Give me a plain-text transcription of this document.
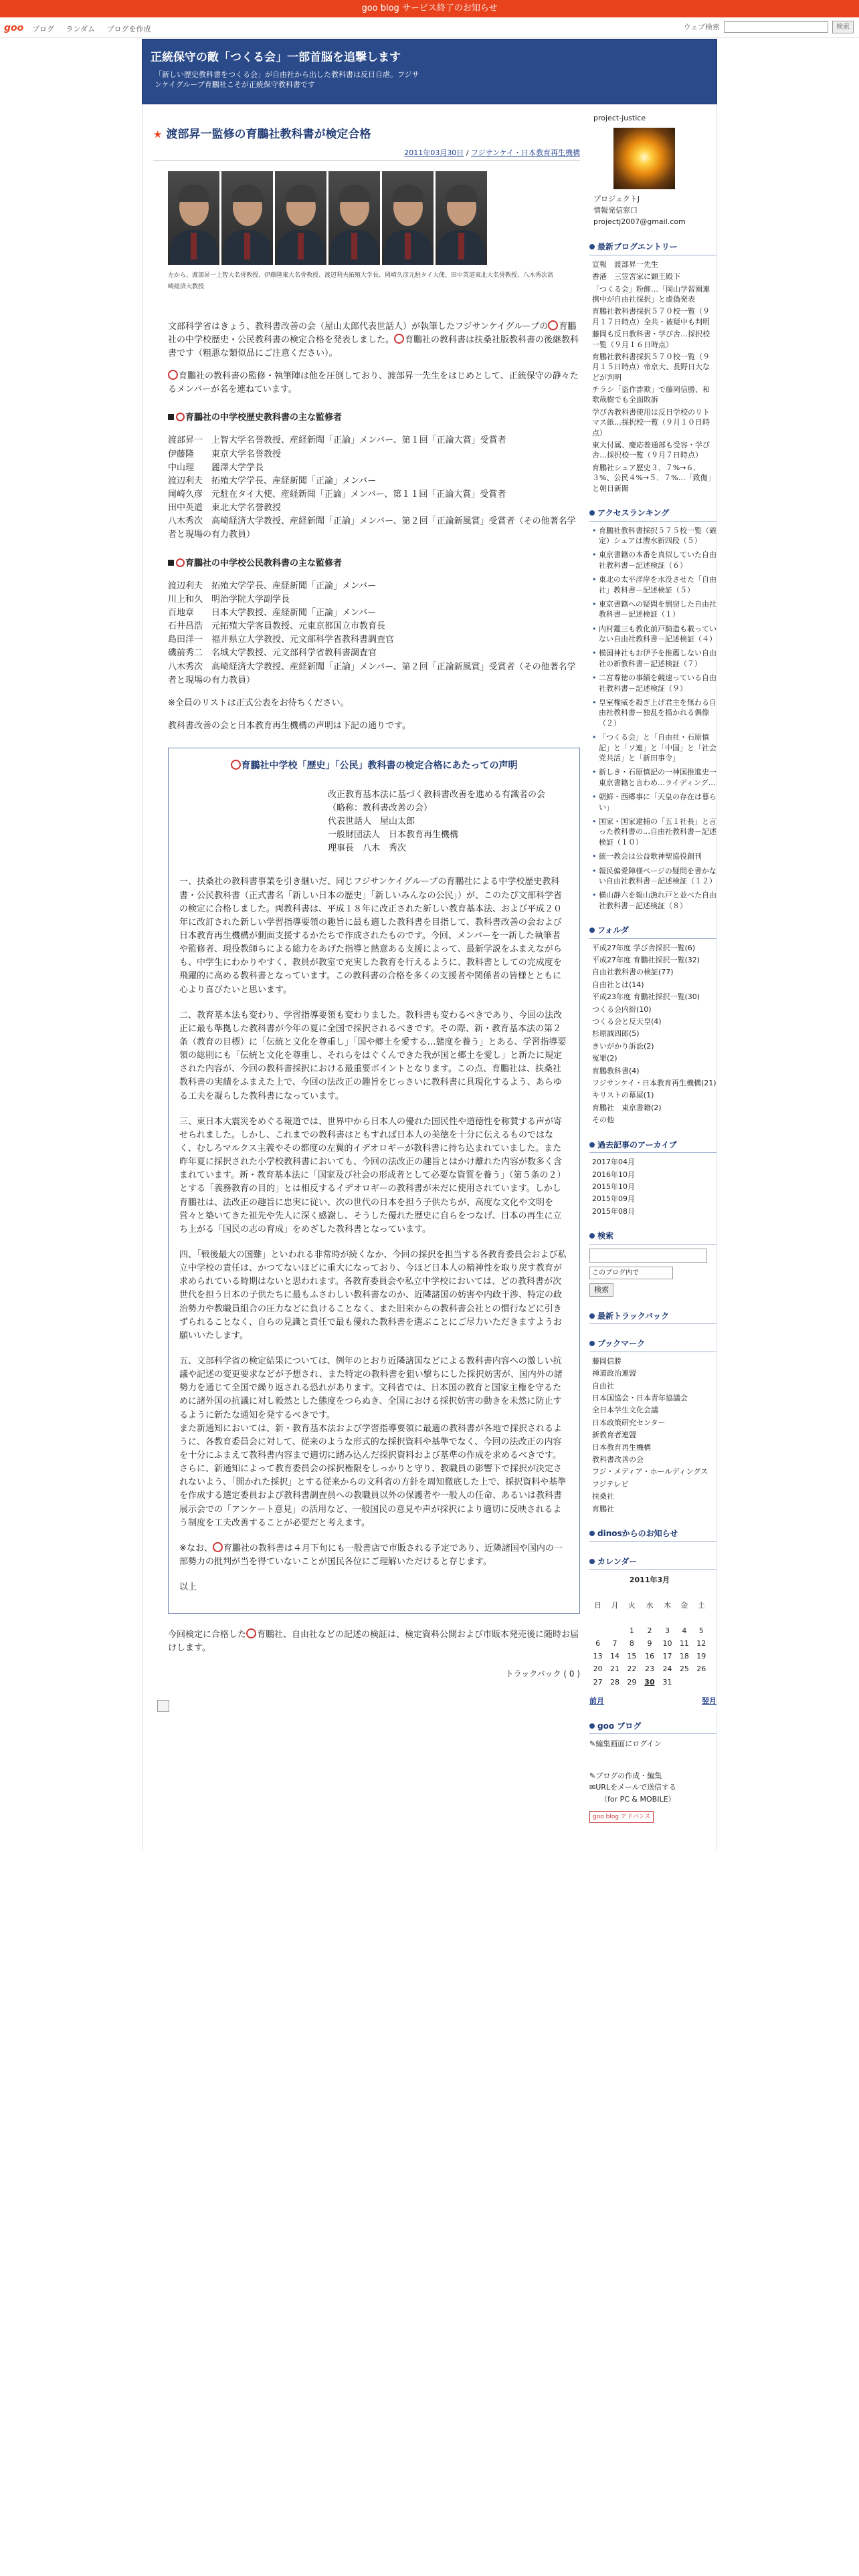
goo blog サービス終了のお知らせ
goo ブログ ランダム ブログを作成	ウェブ検索	検索
正統保守の敵「つくる会」一部首脳を追撃します

「新しい歴史教科書をつくる会」が自由社から出した教科書は反日自虐。フジサンケイグループ育鵬社こそが正統保守教科書です

★ 渡部昇一監修の育鵬社教科書が検定合格
2011年03月30日 / フジサンケイ・日本教育再生機構
左から、渡部昇一上智大名誉教授、伊藤隆東大名誉教授、渡辺利夫拓殖大学長、岡崎久彦元駐タイ大使、田中英道東北大名誉教授、八木秀次高
崎経済大教授

文部科学省はきょう、教科書改善の会（屋山太郎代表世話人）が執筆したフジサンケイグループの 育鵬社の中学校歴史・公民教科書の検定合格を発表しました。 育鵬社の教科書は扶桑社版教科書の後継教科書です（粗悪な類似品にご注意ください）。

育鵬社の教科書の監修・執筆陣は他を圧倒しており、渡部昇一先生をはじめとして、正統保守の静々たるメンバーが名を連ねています。

育鵬社の中学校歴史教科書の主な監修者
渡部昇一　上智大学名誉教授、産経新聞「正論」メンバー、第１回「正論大賞」受賞者
伊藤隆　　東京大学名誉教授
中山理　　麗澤大学学長
渡辺利夫　拓殖大学学長、産経新聞「正論」メンバー
岡崎久彦　元駐在タイ大使、産経新聞「正論」メンバー、第１１回「正論大賞」受賞者
田中英道　東北大学名誉教授
八木秀次　高崎経済大学教授、産経新聞「正論」メンバー、第２回「正論新風賞」受賞者（その他著名学者と現場の有力教員）
育鵬社の中学校公民教科書の主な監修者
渡辺利夫　拓殖大学学長、産経新聞「正論」メンバー
川上和久　明治学院大学副学長
百地章　　日本大学教授、産経新聞「正論」メンバー
石井昌浩　元拓殖大学客員教授、元東京都国立市教育長
島田洋一　福井県立大学教授、元文部科学省教科書調査官
磯前秀二　名城大学教授、元文部科学省教科書調査官
八木秀次　高崎経済大学教授、産経新聞「正論」メンバー、第２回「正論新風賞」受賞者（その他著名学者と現場の有力教員）

※全員のリストは正式公表をお待ちください。

教科書改善の会と日本教育再生機構の声明は下記の通りです。

育鵬社中学校「歴史」「公民」教科書の検定合格にあたっての声明
改正教育基本法に基づく教科書改善を進める有識者の会
（略称：教科書改善の会）
代表世話人　屋山太郎
一般財団法人　日本教育再生機構
理事長　八木　秀次

一、扶桑社の教科書事業を引き継いだ、同じフジサンケイグループの育鵬社による中学校歴史教科書・公民教科書（正式書名「新しい日本の歴史」「新しいみんなの公民」）が、このたび文部科学省の検定に合格しました。両教科書は、平成１８年に改正された新しい教育基本法、および平成２０年に改訂された新しい学習指導要領の趣旨に最も適した教科書を目指して、教科書改善の会および日本教育再生機構が側面支援するかたちで作成されたものです。今回、メンバーを一新した執筆者や監修者、現役教師らによる総力をあげた指導と熱意ある支援によって、最新学説をふまえながらも、中学生にわかりやすく、教員が教室で充実した教育を行えるように、教科書としての完成度を飛躍的に高める教科書となっています。この教科書の合格を多くの支援者や関係者の皆様とともに心より喜びたいと思います。

二、教育基本法も変わり、学習指導要領も変わりました。教科書も変わるべきであり、今回の法改正に最も準拠した教科書が今年の夏に全国で採択されるべきです。その際、新・教育基本法の第２条（教育の目標）に「伝統と文化を尊重し」「国や郷土を愛する…態度を養う」とある、学習指導要領の総則にも「伝統と文化を尊重し、それらをはぐくんできた我が国と郷土を愛し」と新たに規定された内容が、今回の教科書採択における最重要ポイントとなります。この点、育鵬社は、扶桑社教科書の実績をふまえた上で、今回の法改正の趣旨をじっさいに教科書に具現化するよう、あらゆる工夫を凝らした教科書になっています。

三、東日本大震災をめぐる報道では、世界中から日本人の優れた国民性や道徳性を称賛する声が寄せられました。しかし、これまでの教科書はともすれば日本人の美徳を十分に伝えるものではなく、むしろマルクス主義やその都度の左翼的イデオロギーが教科書に持ち込まれていました。また昨年夏に採択された小学校教科書においても、今回の法改正の趣旨とはかけ離れた内容が数多く含まれています。新・教育基本法に「国家及び社会の形成者として必要な資質を養う」（第５条の２）とする「義務教育の目的」とは相反するイデオロギーの教科書が未だに使用されています。しかし育鵬社は、法改正の趣旨に忠実に従い、次の世代の日本を担う子供たちが、高度な文化や文明を営々と築いてきた祖先や先人に深く感謝し、そうした優れた歴史に自らをつなげ、日本の再生に立ち上がる「国民の志の育成」をめざした教科書となっています。

四、「戦後最大の国難」といわれる非常時が続くなか、今回の採択を担当する各教育委員会および私立中学校の責任は、かつてないほどに重大になっており、今ほど日本人の精神性を取り戻す教育が求められている時期はないと思われます。各教育委員会や私立中学校においては、どの教科書が次世代を担う日本の子供たちに最もふさわしい教科書なのか、近隣諸国の妨害や内政干渉、特定の政治勢力や教職員組合の圧力などに負けることなく、また旧来からの教科書会社との慣行などに引きずられることなく、自らの見識と責任で最も優れた教科書を選ぶことにご尽力いただきますようお願いいたします。

五、文部科学省の検定結果については、例年のとおり近隣諸国などによる教科書内容への激しい抗議や記述の変更要求などが予想され、また特定の教科書を狙い撃ちにした採択妨害が、国内外の諸勢力を通じて全国で繰り返される恐れがあります。文科省では、日本国の教育と国家主権を守るために諸外国の抗議に対し毅然とした態度をつらぬき、全国における採択妨害の動きを未然に防止するように新たな通知を発するべきです。
また新通知においては、新・教育基本法および学習指導要領に最適の教科書が各地で採択されるように、各教育委員会に対して、従来のような形式的な採択資料や基準でなく、今回の法改正の内容を十分にふまえて教科書内容まで適切に踏み込んだ採択資料および基準の作成を求めるべきです。
さらに、新通知によって教育委員会の採択権限をしっかりと守り、教職員の影響下で採択が決定されないよう、「開かれた採択」とする従来からの文科省の方針を周知徹底した上で、採択資料や基準を作成する選定委員および教科書調査員への教職員以外の保護者や一般人の任命、あるいは教科書展示会での「アンケート意見」の活用など、一般国民の意見や声が採択により適切に反映されるよう制度を工夫改善することが必要だと考えます。

※なお、 育鵬社の教科書は４月下旬にも一般書店で市販される予定であり、近隣諸国や国内の一部勢力の批判が当を得ていないことが国民各位にご理解いただけると存じます。

以上

今回検定に合格した 育鵬社、自由社などの記述の検証は、検定資料公開および市販本発売後に随時お届けします。

トラックバック ( 0 )
project-justice
プロジェクトJ
情報発信窓口
projectj2007@gmail.com
最新ブログエントリー
宣報　渡部昇一先生
香港　三笠宮家に顕王殿下
「つくる会」粉飾…「岡山学習園連携中が自由社採択」と虚偽発表
育鵬社教科書採択５７０校一覧（９月１７日時点）全共・被疑中も判明
藤岡も反日教科書・学び舎…採択校一覧（９月１６日時点）
育鵬社教科書採択５７０校一覧（９月１５日時点）帝京大、長野日大などが判明
チラシ「盗作詐欺」で藤岡信勝、和歌哉樹でも全面敗訴
学び舎教科書使用は反日学校のリトマス紙…採択校一覧（９月１０日時点）
東大付属、慶応普通部も受容・学び舎…採択校一覧（９月７日時点）
育鵬社シェア歴史３．７%→６．３%、公民４%→５．７%…「致傷」と朝日新聞
アクセスランキング
• 育鵬社教科書採択５７５校一覧（確定）シェアは漕水新四段（５）
• 東京書籍の本番を真似していた自由社教科書－記述検証（６）
• 東北の太平洋岸を水没させた「自由社」教科書－記述検証（５）
• 東京書籍への疑問を剽窃した自由社教科書－記述検証（１）
• 内村鑑三も教化前戸騎造も載っていない自由社教科書－記述検証（４）
• 模国神社もお伊予を推薦しない自由社の新教科書－記述検証（７）
• 二宮尊徳の事績を競速っている自由社教科書－記述検証（９）
• 皇室権威を殺ぎ上げ君主を無わる自由社教科書－独乱を描かれる偶像（２）
• 「つくる会」と「自由社・石原慎記」と「ソ連」と「中国」と「社会党共活」と「新田事令」
• 新しき・石原慎記の一神国推進史一東京書籍と言わめ…ライディング…
• 朝鮮・西郷事に「天皇の存在は暮らい」
• 国家・国家逮捕の「五１社長」と言った教科書の…自由社教科書－記述検証（１０）
• 統一教会は公益歌神聖協役創刊
• 報民偏愛陣様ページの疑問を書かない自由社教科書－記述検証（１２）
• 横山静六を報山漁れ戸と並べた自由社教科書－記述検証（８）
フォルダ
平成27年度 学び舎採択一覧(6)
平成27年度 育鵬社採択一覧(32)
自由社教科書の検証(77)
自由社とは(14)
平成23年度 育鵬社採択一覧(30)
つくる会内紛(10)
つくる会と反天皇(4)
杉原誠四郎(5)
きいがかり訴訟(2)
冤罪(2)
育鵬教科書(4)
フジサンケイ・日本教育再生機構(21)
キリストの幕屋(1)
育鵬社　東京書籍(2)
その他
過去記事のアーカイブ
2017年04月
2016年10月
2015年10月
2015年09月
2015年08月
検索
このブログ内で
検索
最新トラックバック
ブックマーク
藤岡信勝
禅道政治連盟
自由社
日本国協会・日本青年協議会
全日本学生文化会議
日本政策研究センター
新教育者連盟
日本教育再生機構
教科書改善の会
フジ・メディア・ホールディングス
フジテレビ
扶桑社
育鵬社
dinosからのお知らせ
カレンダー
2011年3月						

日	月	火	水	木	金	土

		1	2	3	4	5
6	7	8	9	10	11	12
13	14	15	16	17	18	19
20	21	22	23	24	25	26
27	28	29	30	31		
前月	翌月
goo ブログ
✎編集画面にログイン
✎ブログの作成・編集
✉URLをメールで送信する
（for PC & MOBILE）
goo blog アドバンス
